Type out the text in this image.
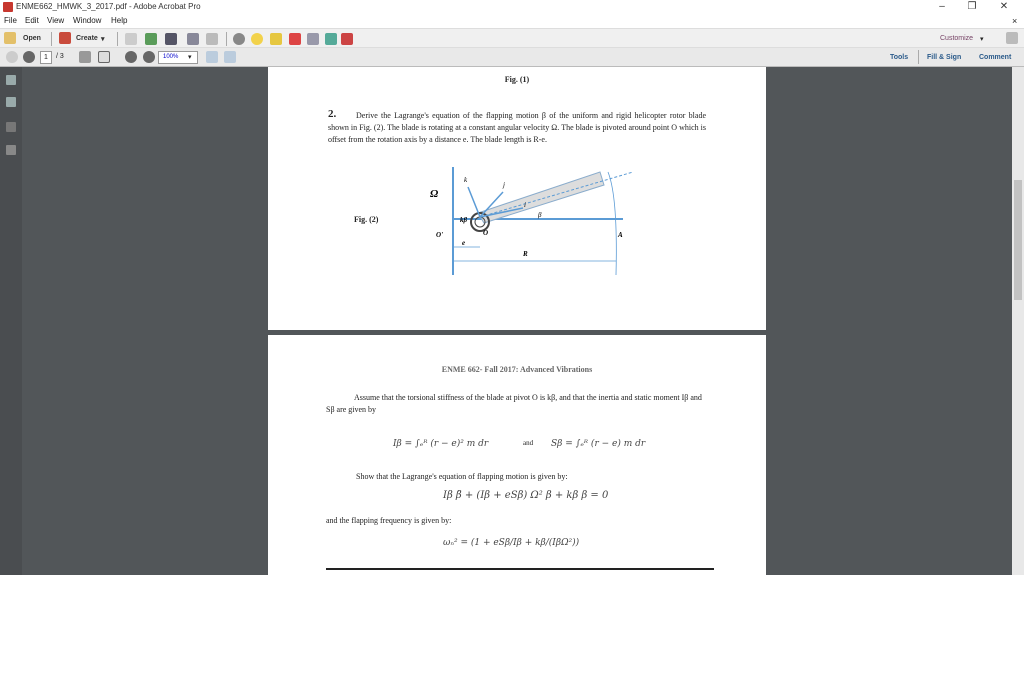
ENME662_HMWK_3_2017.pdf - Adobe Acrobat Pro	–	❐	✕
File Edit View Window Help	×
Open	Create ▾	Customize ▾
1	/ 3	100%	▾	Tools	Fill & Sign	Comment
Fig. (1)
2.	Derive the Lagrange's equation of the flapping motion β of the uniform and rigid helicopter rotor blade shown in Fig. (2). The blade is rotating at a constant angular velocity Ω. The blade is pivoted around point O which is offset from the rotation axis by a distance e. The blade length is R-e.
Fig. (2)
Ω
k
j
i
β
kβ
O
O'	A
e
R
ENME 662- Fall 2017: Advanced Vibrations
Assume that the torsional stiffness of the blade at pivot O is kβ, and that the inertia and static moment Iβ and Sβ are given by
Iβ = ∫ₑᴿ (r − e)² m dr	and Sβ = ∫ₑᴿ (r − e) m dr
Show that the Lagrange's equation of flapping motion is given by:
Iβ β̈ + (Iβ + eSβ) Ω² β + kβ β = 0
and the flapping frequency is given by:
ωₙ² = (1 + eSβ/Iβ + kβ/(IβΩ²))
